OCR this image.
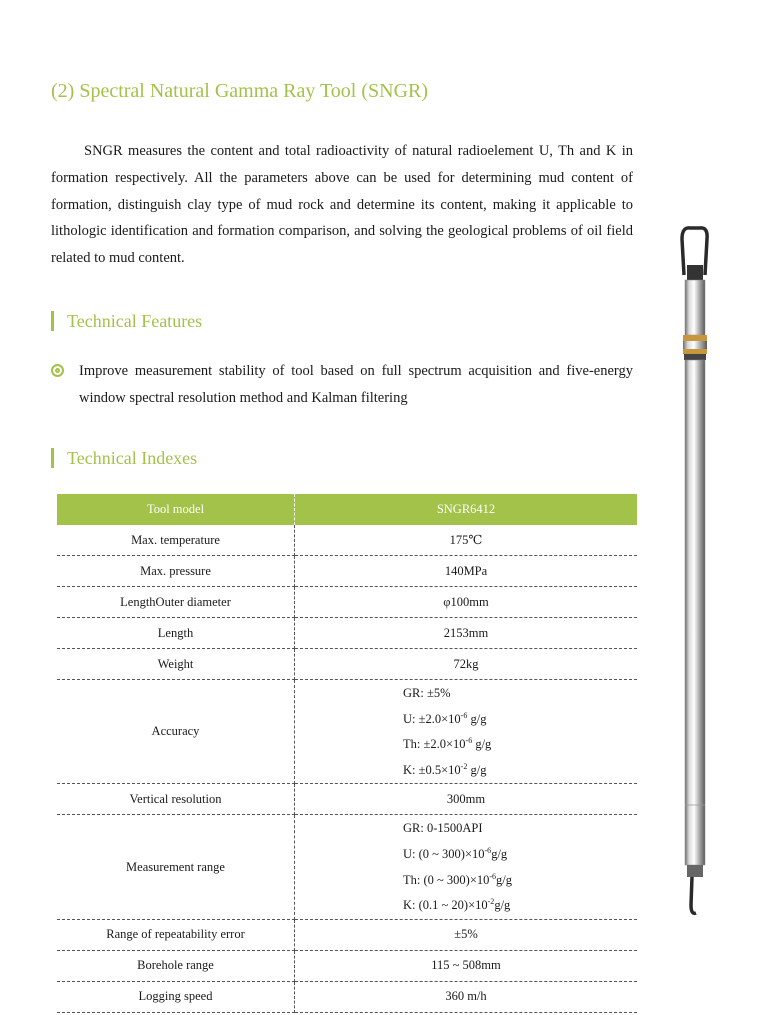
(2) Spectral Natural Gamma Ray Tool (SNGR)

SNGR measures the content and total radioactivity of natural radioelement U, Th and K in formation respectively. All the parameters above can be used for determining mud content of formation, distinguish clay type of mud rock and determine its content, making it applicable to lithologic identification and formation comparison, and solving the geological problems of oil field related to mud content.

Technical Features
Improve measurement stability of tool based on full spectrum acquisition and five-energy window spectral resolution method and Kalman filtering
Technical Indexes
Tool model	SNGR6412
Max. temperature	175℃
Max. pressure	140MPa
LengthOuter diameter	φ100mm
Length	2153mm
Weight	72kg
Accuracy	GR: ±5%
U: $\pm 2.0\times 10^{-6}$ g/g
Th: $\pm 2.0\times 10^{-6}$ g/g
K: $\pm 0.5\times 10^{-2}$ g/g

Vertical resolution	300mm
Measurement range	GR: 0-1500API
U: (0 ~ $300)\times 10^{-6}g/g$
Th: (0 ~ $300)\times 10^{-6}g/g$
K: (0.1 ~ $20)\times 10^{-2}g/g$

Range of repeatability error	±5%
Borehole range	115 ~ 508mm
Logging speed	360 m/h
